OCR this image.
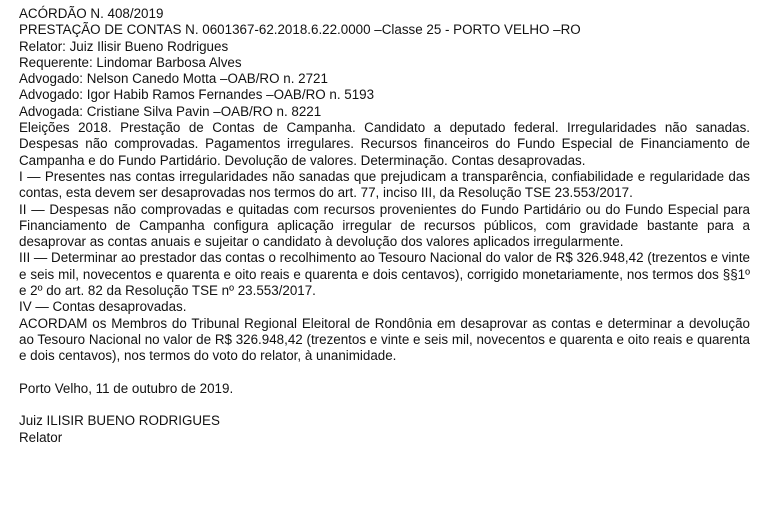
ACÓRDÃO N. 408/2019
PRESTAÇÃO DE CONTAS N. 0601367-62.2018.6.22.0000 –Classe 25 - PORTO VELHO –RO
Relator: Juiz Ilisir Bueno Rodrigues
Requerente: Lindomar Barbosa Alves
Advogado: Nelson Canedo Motta –OAB/RO n. 2721
Advogado: Igor Habib Ramos Fernandes –OAB/RO n. 5193
Advogada: Cristiane Silva Pavin –OAB/RO n. 8221
Eleições 2018. Prestação de Contas de Campanha. Candidato a deputado federal. Irregularidades não sanadas. Despesas não comprovadas. Pagamentos irregulares. Recursos financeiros do Fundo Especial de Financiamento de Campanha e do Fundo Partidário. Devolução de valores. Determinação. Contas desaprovadas.
I — Presentes nas contas irregularidades não sanadas que prejudicam a transparência, confiabilidade e regularidade das contas, esta devem ser desaprovadas nos termos do art. 77, inciso III, da Resolução TSE 23.553/2017.
II — Despesas não comprovadas e quitadas com recursos provenientes do Fundo Partidário ou do Fundo Especial para Financiamento de Campanha configura aplicação irregular de recursos públicos, com gravidade bastante para a desaprovar as contas anuais e sujeitar o candidato à devolução dos valores aplicados irregularmente.
III — Determinar ao prestador das contas o recolhimento ao Tesouro Nacional do valor de R$ 326.948,42 (trezentos e vinte e seis mil, novecentos e quarenta e oito reais e quarenta e dois centavos), corrigido monetariamente, nos termos dos §§1º e 2º do art. 82 da Resolução TSE nº 23.553/2017.
IV — Contas desaprovadas.
ACORDAM os Membros do Tribunal Regional Eleitoral de Rondônia em desaprovar as contas e determinar a devolução ao Tesouro Nacional no valor de R$ 326.948,42 (trezentos e vinte e seis mil, novecentos e quarenta e oito reais e quarenta e dois centavos), nos termos do voto do relator, à unanimidade.
Porto Velho, 11 de outubro de 2019.
Juiz ILISIR BUENO RODRIGUES
Relator
